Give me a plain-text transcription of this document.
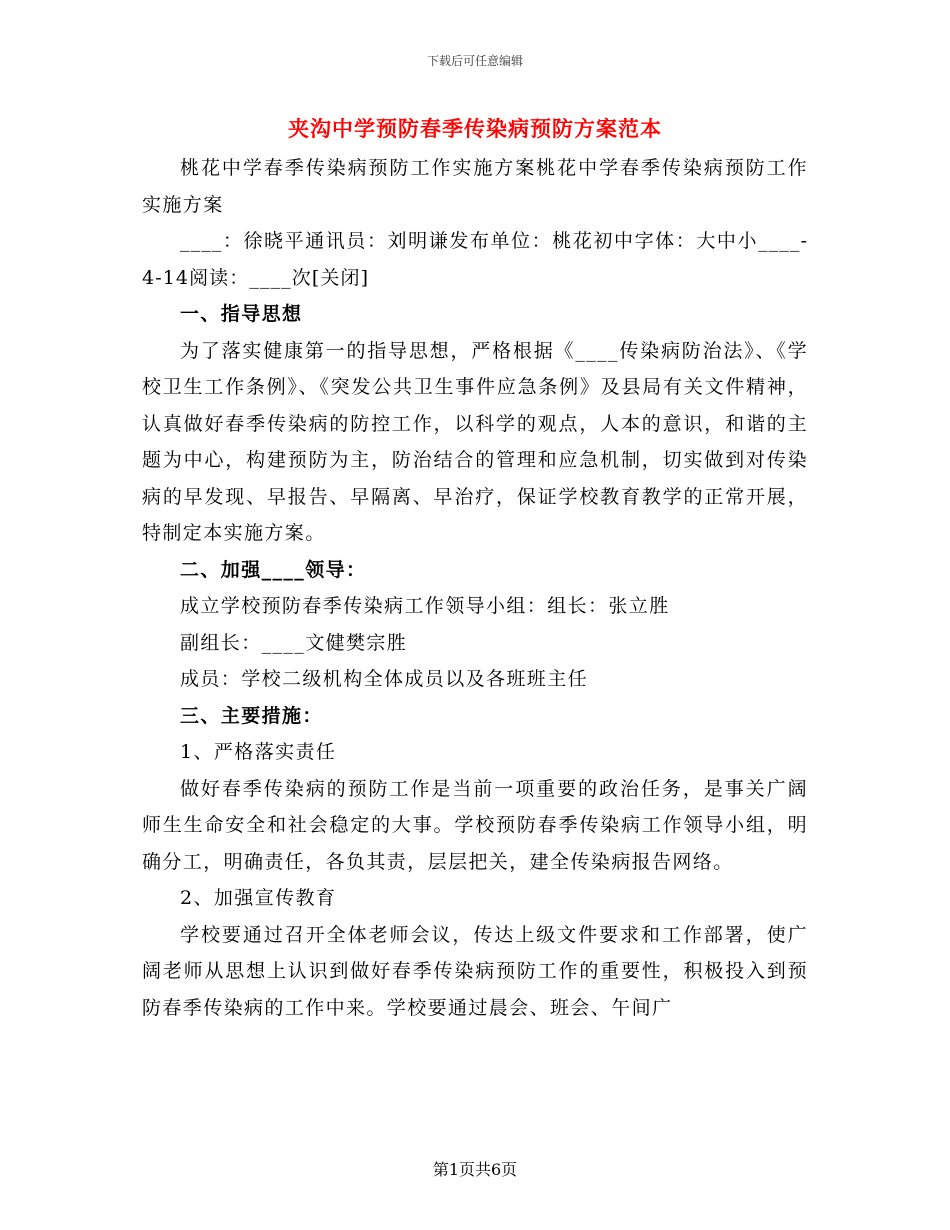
下载后可任意编辑
夹沟中学预防春季传染病预防方案范本

桃花中学春季传染病预防工作实施方案桃花中学春季传染病预防工作实施方案

____：徐晓平通讯员：刘明谦发布单位：桃花初中字体：大中小____-4-14阅读：____次[关闭]

一、指导思想

为了落实健康第一的指导思想，严格根据《____传染病防治法》、《学校卫生工作条例》、《突发公共卫生事件应急条例》及县局有关文件精神，认真做好春季传染病的防控工作，以科学的观点，人本的意识，和谐的主题为中心，构建预防为主，防治结合的管理和应急机制，切实做到对传染病的早发现、早报告、早隔离、早治疗，保证学校教育教学的正常开展，特制定本实施方案。

二、加强____领导：

成立学校预防春季传染病工作领导小组：组长：张立胜

副组长：____文健樊宗胜

成员：学校二级机构全体成员以及各班班主任

三、主要措施：

1、严格落实责任

做好春季传染病的预防工作是当前一项重要的政治任务，是事关广阔师生生命安全和社会稳定的大事。学校预防春季传染病工作领导小组，明确分工，明确责任，各负其责，层层把关，建全传染病报告网络。

2、加强宣传教育

学校要通过召开全体老师会议，传达上级文件要求和工作部署，使广阔老师从思想上认识到做好春季传染病预防工作的重要性，积极投入到预防春季传染病的工作中来。学校要通过晨会、班会、午间广

第1页共6页
